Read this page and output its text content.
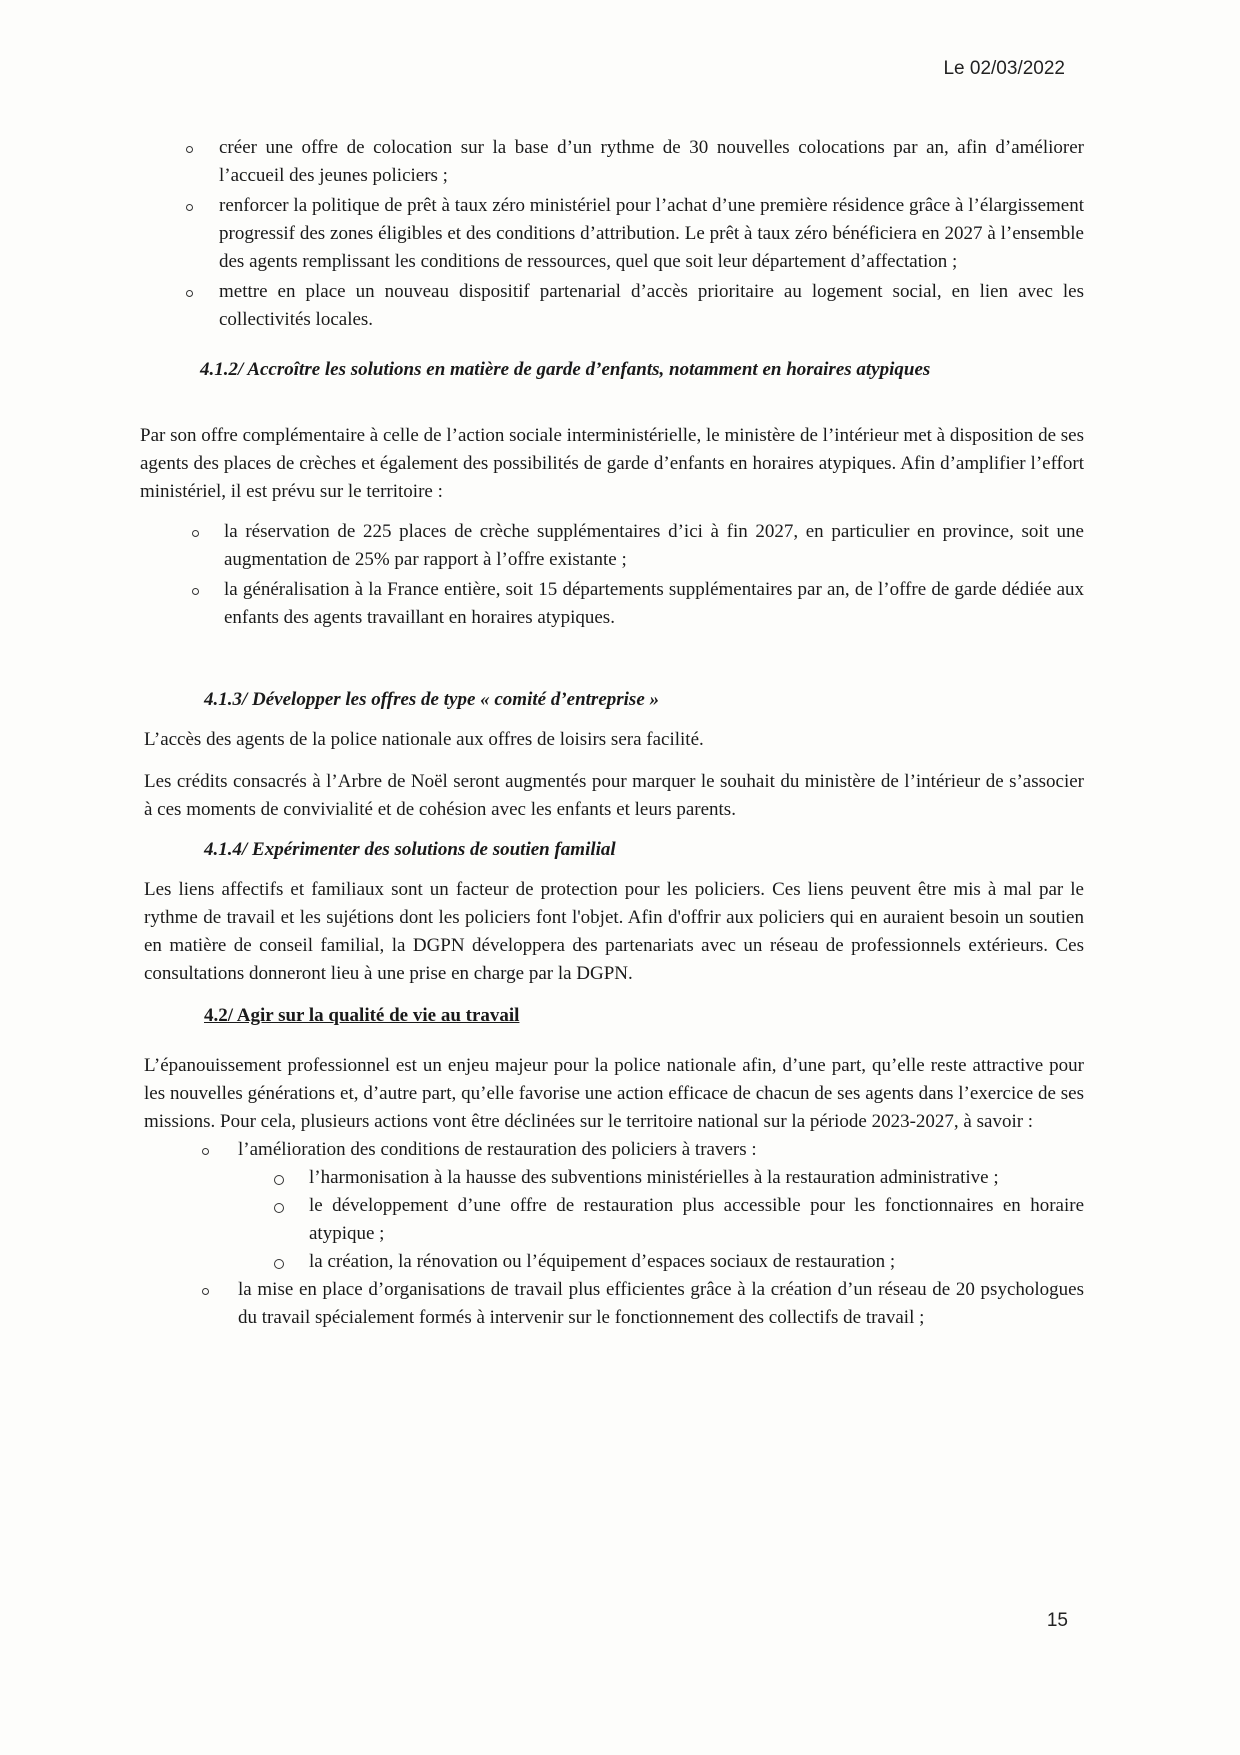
Le 02/03/2022

créer une offre de colocation sur la base d’un rythme de 30 nouvelles colocations par an, afin d’améliorer l’accueil des jeunes policiers ;

renforcer la politique de prêt à taux zéro ministériel pour l’achat d’une première résidence grâce à l’élargissement progressif des zones éligibles et des conditions d’attribution. Le prêt à taux zéro bénéficiera en 2027 à l’ensemble des agents remplissant les conditions de ressources, quel que soit leur département d’affectation ;

mettre en place un nouveau dispositif partenarial d’accès prioritaire au logement social, en lien avec les collectivités locales.

4.1.2/ Accroître les solutions en matière de garde d’enfants, notamment en horaires atypiques

Par son offre complémentaire à celle de l’action sociale interministérielle, le ministère de l’intérieur met à disposition de ses agents des places de crèches et également des possibilités de garde d’enfants en horaires atypiques. Afin d’amplifier l’effort ministériel, il est prévu sur le territoire :

la réservation de 225 places de crèche supplémentaires d’ici à fin 2027, en particulier en province, soit une augmentation de 25% par rapport à l’offre existante ;

la généralisation à la France entière, soit 15 départements supplémentaires par an, de l’offre de garde dédiée aux enfants des agents travaillant en horaires atypiques.

4.1.3/ Développer les offres de type « comité d’entreprise »

L’accès des agents de la police nationale aux offres de loisirs sera facilité.

Les crédits consacrés à l’Arbre de Noël seront augmentés pour marquer le souhait du ministère de l’intérieur de s’associer à ces moments de convivialité et de cohésion avec les enfants et leurs parents.

4.1.4/ Expérimenter des solutions de soutien familial

Les liens affectifs et familiaux sont un facteur de protection pour les policiers. Ces liens peuvent être mis à mal par le rythme de travail et les sujétions dont les policiers font l'objet. Afin d'offrir aux policiers qui en auraient besoin un soutien en matière de conseil familial, la DGPN développera des partenariats avec un réseau de professionnels extérieurs. Ces consultations donneront lieu à une prise en charge par la DGPN.

4.2/ Agir sur la qualité de vie au travail

L’épanouissement professionnel est un enjeu majeur pour la police nationale afin, d’une part, qu’elle reste attractive pour les nouvelles générations et, d’autre part, qu’elle favorise une action efficace de chacun de ses agents dans l’exercice de ses missions. Pour cela, plusieurs actions vont être déclinées sur le territoire national sur la période 2023-2027, à savoir :

l’amélioration des conditions de restauration des policiers à travers :

l’harmonisation à la hausse des subventions ministérielles à la restauration administrative ;

le développement d’une offre de restauration plus accessible pour les fonctionnaires en horaire atypique ;

la création, la rénovation ou l’équipement d’espaces sociaux de restauration ;

la mise en place d’organisations de travail plus efficientes grâce à la création d’un réseau de 20 psychologues du travail spécialement formés à intervenir sur le fonctionnement des collectifs de travail ;

15
